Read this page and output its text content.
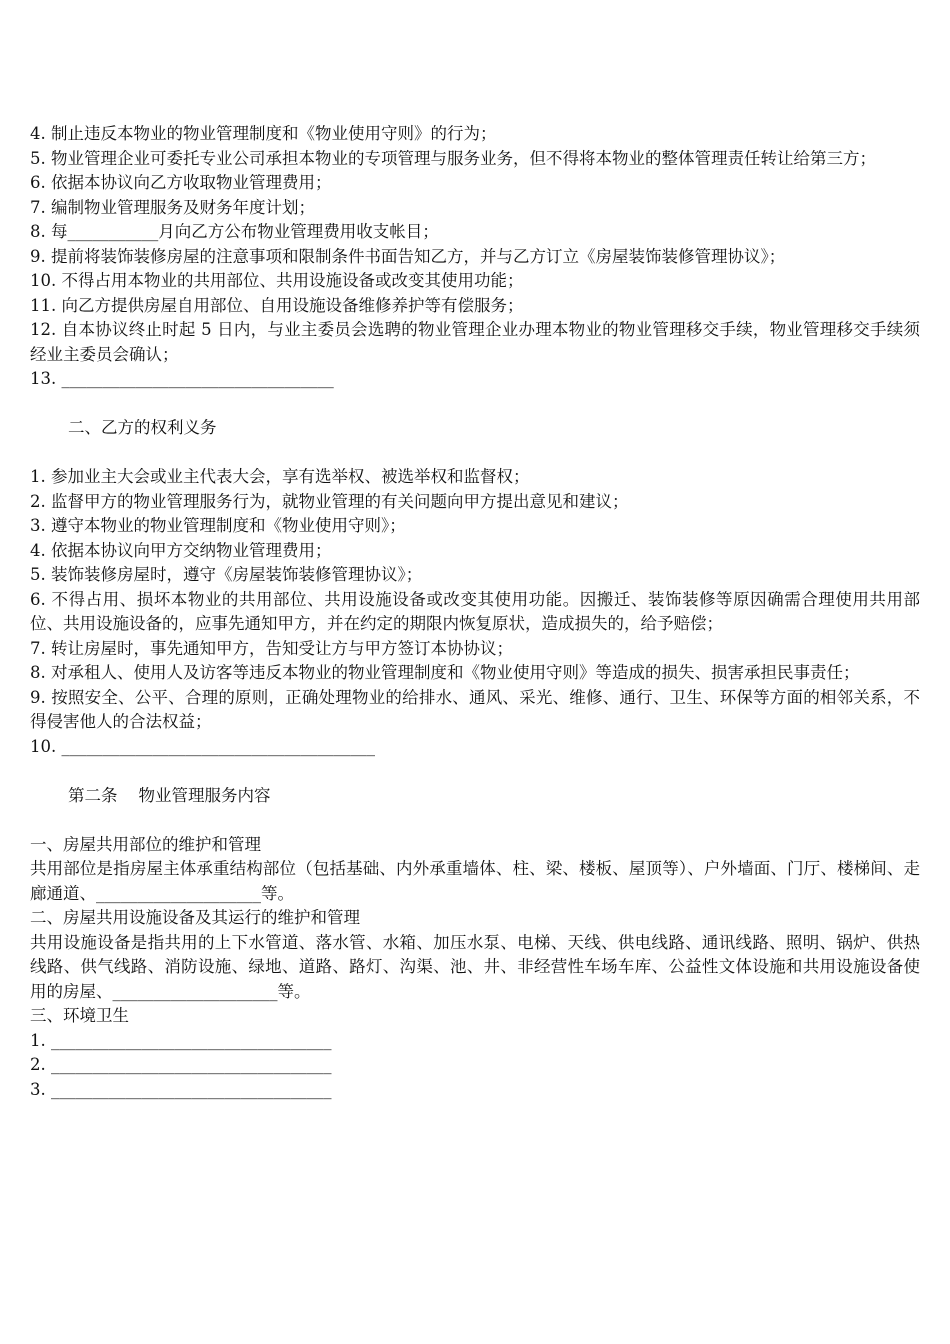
4. 制止违反本物业的物业管理制度和《物业使用守则》的行为；

5. 物业管理企业可委托专业公司承担本物业的专项管理与服务业务，但不得将本物业的整体管理责任转让给第三方；

6. 依据本协议向乙方收取物业管理费用；

7. 编制物业管理服务及财务年度计划；

8. 每___________月向乙方公布物业管理费用收支帐目；

9. 提前将装饰装修房屋的注意事项和限制条件书面告知乙方，并与乙方订立《房屋装饰装修管理协议》；

10. 不得占用本物业的共用部位、共用设施设备或改变其使用功能；

11. 向乙方提供房屋自用部位、自用设施设备维修养护等有偿服务；

12. 自本协议终止时起 5 日内，与业主委员会选聘的物业管理企业办理本物业的物业管理移交手续，物业管理移交手续须经业主委员会确认；

13. _________________________________

二、乙方的权利义务

1. 参加业主大会或业主代表大会，享有选举权、被选举权和监督权；

2. 监督甲方的物业管理服务行为，就物业管理的有关问题向甲方提出意见和建议；

3. 遵守本物业的物业管理制度和《物业使用守则》；

4. 依据本协议向甲方交纳物业管理费用；

5. 装饰装修房屋时，遵守《房屋装饰装修管理协议》；

6. 不得占用、损坏本物业的共用部位、共用设施设备或改变其使用功能。因搬迁、装饰装修等原因确需合理使用共用部位、共用设施设备的，应事先通知甲方，并在约定的期限内恢复原状，造成损失的，给予赔偿；

7. 转让房屋时，事先通知甲方，告知受让方与甲方签订本协协议；

8. 对承租人、使用人及访客等违反本物业的物业管理制度和《物业使用守则》等造成的损失、损害承担民事责任；

9. 按照安全、公平、合理的原则，正确处理物业的给排水、通风、采光、维修、通行、卫生、环保等方面的相邻关系，不得侵害他人的合法权益；

10. ______________________________________

第二条    物业管理服务内容

一、房屋共用部位的维护和管理

共用部位是指房屋主体承重结构部位（包括基础、内外承重墙体、柱、梁、楼板、屋顶等）、户外墙面、门厅、楼梯间、走廊通道、____________________等。

二、房屋共用设施设备及其运行的维护和管理

共用设施设备是指共用的上下水管道、落水管、水箱、加压水泵、电梯、天线、供电线路、通讯线路、照明、锅炉、供热线路、供气线路、消防设施、绿地、道路、路灯、沟渠、池、井、非经营性车场车库、公益性文体设施和共用设施设备使用的房屋、____________________等。

三、环境卫生

1. __________________________________

2. __________________________________

3. __________________________________
